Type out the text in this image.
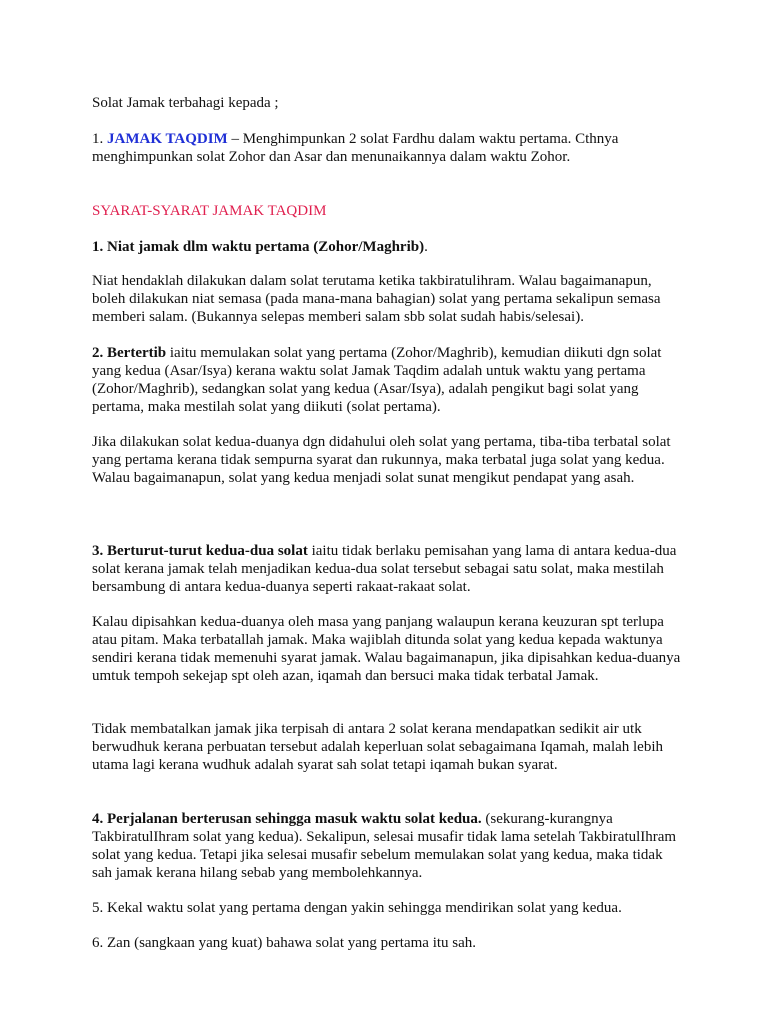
Solat Jamak terbahagi kepada ;

1. JAMAK TAQDIM – Menghimpunkan 2 solat Fardhu dalam waktu pertama. Cthnya menghimpunkan solat Zohor dan Asar dan menunaikannya dalam waktu Zohor.

SYARAT-SYARAT JAMAK TAQDIM

1. Niat jamak dlm waktu pertama (Zohor/Maghrib).

Niat hendaklah dilakukan dalam solat terutama ketika takbiratulihram. Walau bagaimanapun, boleh dilakukan niat semasa (pada mana-mana bahagian) solat yang pertama sekalipun semasa memberi salam. (Bukannya selepas memberi salam sbb solat sudah habis/selesai).

2. Bertertib iaitu memulakan solat yang pertama (Zohor/Maghrib), kemudian diikuti dgn solat yang kedua (Asar/Isya) kerana waktu solat Jamak Taqdim adalah untuk waktu yang pertama (Zohor/Maghrib), sedangkan solat yang kedua (Asar/Isya), adalah pengikut bagi solat yang pertama, maka mestilah solat yang diikuti (solat pertama).

Jika dilakukan solat kedua-duanya dgn didahului oleh solat yang pertama, tiba-tiba terbatal solat yang pertama kerana tidak sempurna syarat dan rukunnya, maka terbatal juga solat yang kedua. Walau bagaimanapun, solat yang kedua menjadi solat sunat mengikut pendapat yang asah.

3. Berturut-turut kedua-dua solat iaitu tidak berlaku pemisahan yang lama di antara kedua-dua solat kerana jamak telah menjadikan kedua-dua solat tersebut sebagai satu solat, maka mestilah bersambung di antara kedua-duanya seperti rakaat-rakaat solat.

Kalau dipisahkan kedua-duanya oleh masa yang panjang walaupun kerana keuzuran spt terlupa atau pitam. Maka terbatallah jamak. Maka wajiblah ditunda solat yang kedua kepada waktunya sendiri kerana tidak memenuhi syarat jamak. Walau bagaimanapun, jika dipisahkan kedua-duanya umtuk tempoh sekejap spt oleh azan, iqamah dan bersuci maka tidak terbatal Jamak.

Tidak membatalkan jamak jika terpisah di antara 2 solat kerana mendapatkan sedikit air utk berwudhuk kerana perbuatan tersebut adalah keperluan solat sebagaimana Iqamah, malah lebih utama lagi kerana wudhuk adalah syarat sah solat tetapi iqamah bukan syarat.

4. Perjalanan berterusan sehingga masuk waktu solat kedua. (sekurang-kurangnya TakbiratulIhram solat yang kedua). Sekalipun, selesai musafir tidak lama setelah TakbiratulIhram solat yang kedua. Tetapi jika selesai musafir sebelum memulakan solat yang kedua, maka tidak sah jamak kerana hilang sebab yang membolehkannya.

5. Kekal waktu solat yang pertama dengan yakin sehingga mendirikan solat yang kedua.

6. Zan (sangkaan yang kuat) bahawa solat yang pertama itu sah.
